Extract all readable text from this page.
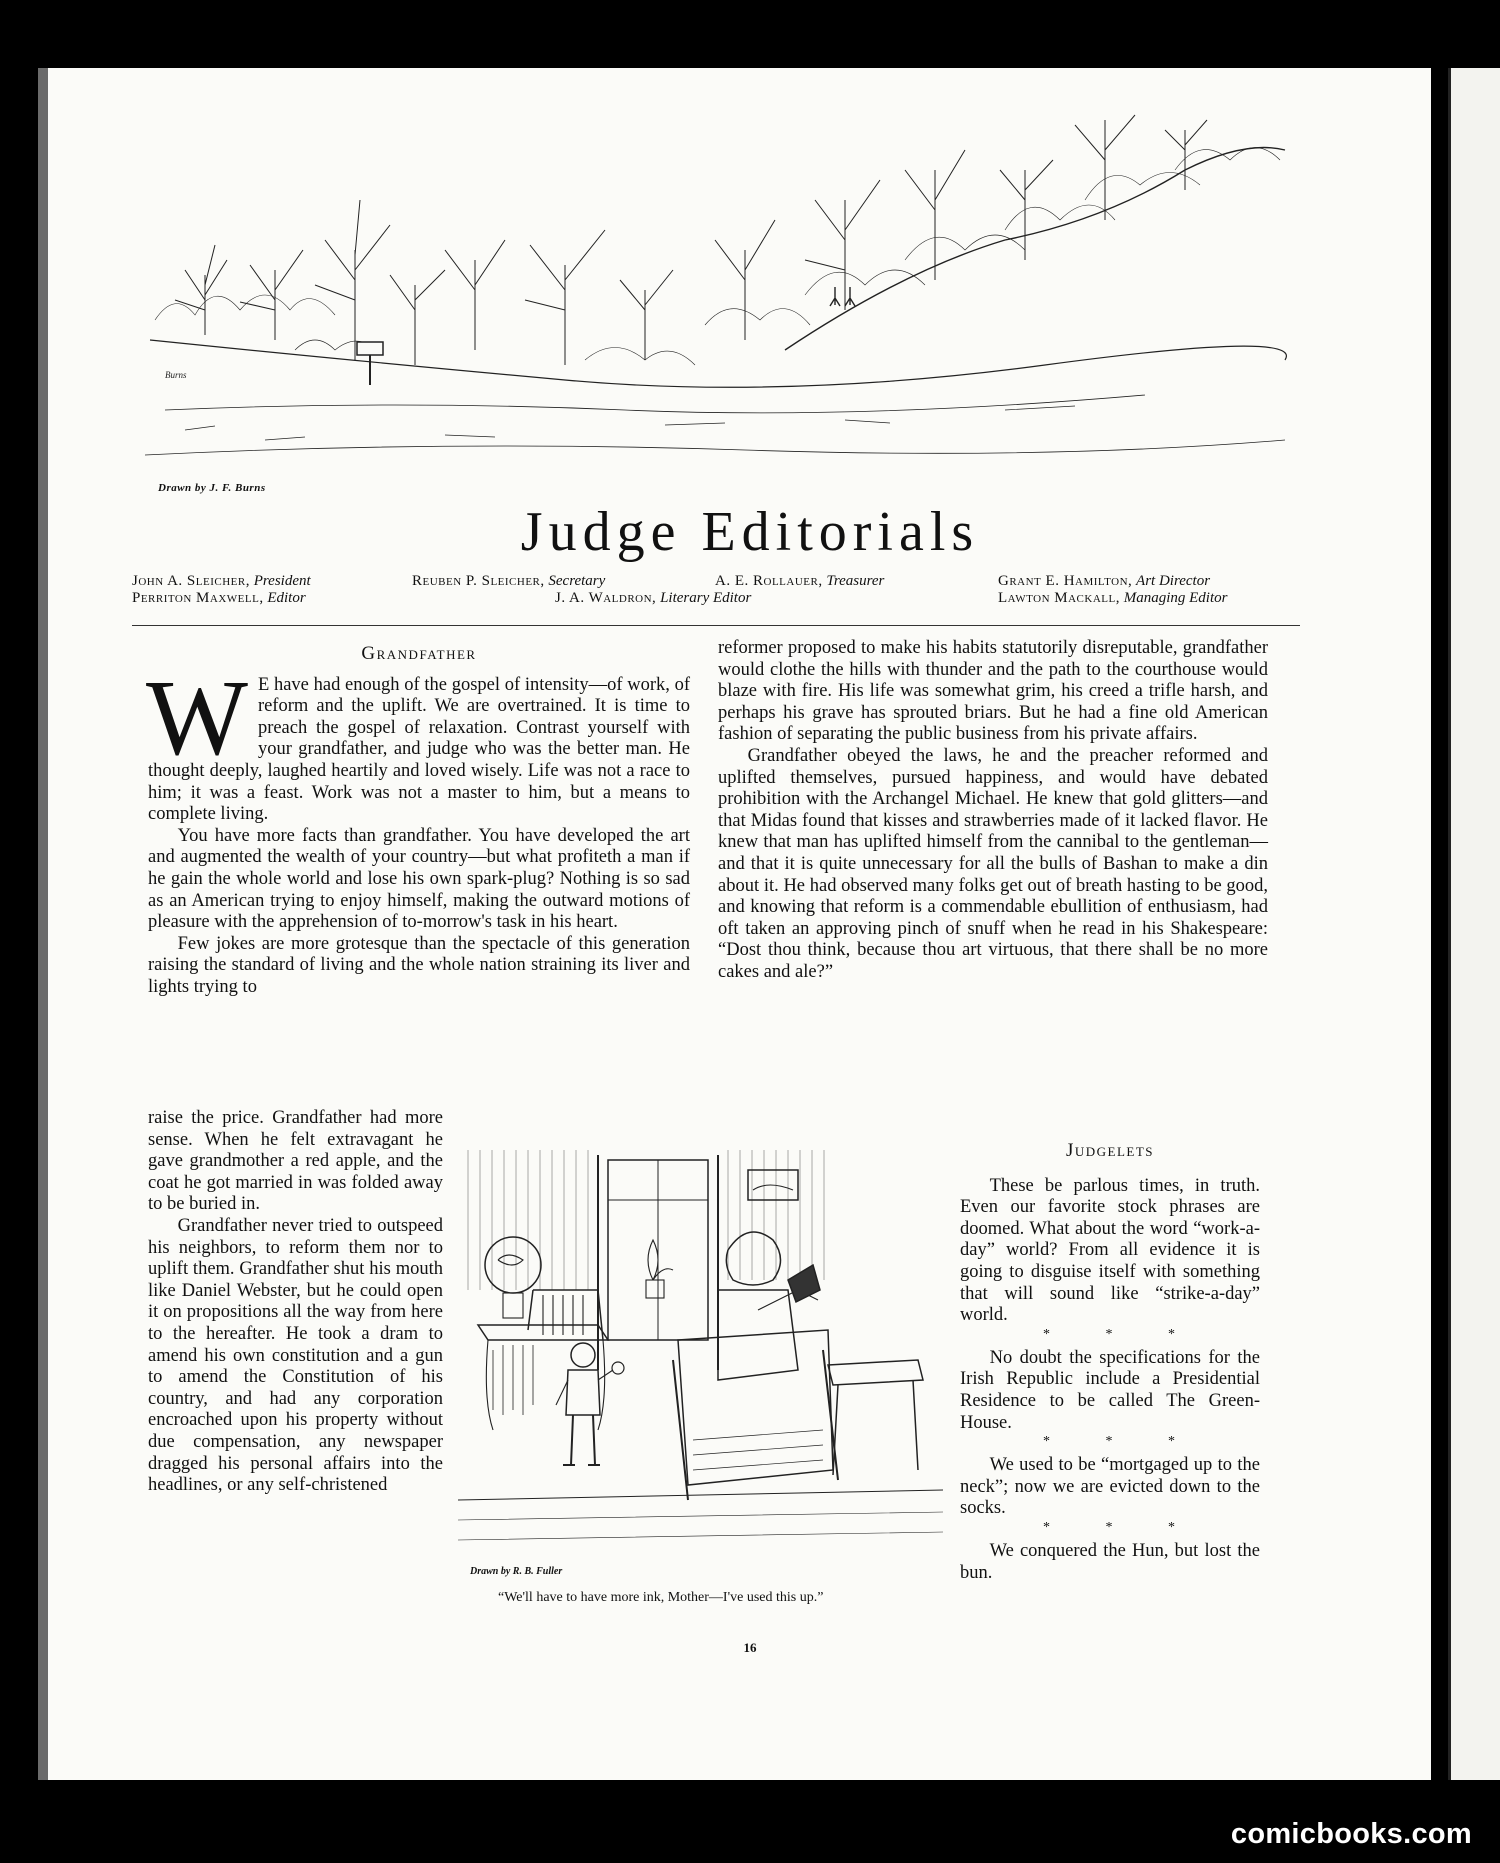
Burns
Drawn by J. F. Burns
Judge Editorials
John A. Sleicher, President
Perriton Maxwell, Editor
Reuben P. Sleicher, Secretary	A. E. Rollauer, Treasurer
J. A. Waldron, Literary Editor
Grant E. Hamilton, Art Director
Lawton Mackall, Managing Editor
Grandfather

W E have had enough of the gospel of intensity—of work, of reform and the uplift. We are overtrained. It is time to preach the gospel of relaxation. Contrast yourself with your grandfather, and judge who was the better man. He thought deeply, laughed heartily and loved wisely. Life was not a race to him; it was a feast. Work was not a master to him, but a means to complete living.

You have more facts than grandfather. You have developed the art and augmented the wealth of your country—but what profiteth a man if he gain the whole world and lose his own spark-plug? Nothing is so sad as an American trying to enjoy himself, making the outward motions of pleasure with the apprehension of to-morrow's task in his heart.

Few jokes are more grotesque than the spectacle of this generation raising the standard of living and the whole nation straining its liver and lights trying to

raise the price. Grandfather had more sense. When he felt extravagant he gave grandmother a red apple, and the coat he got married in was folded away to be buried in.

Grandfather never tried to outspeed his neighbors, to reform them nor to uplift them. Grandfather shut his mouth like Daniel Webster, but he could open it on propositions all the way from here to the hereafter. He took a dram to amend his own constitution and a gun to amend the Constitution of his country, and had any corporation encroached upon his property without due compensation, any newspaper dragged his personal affairs into the headlines, or any self-christened

reformer proposed to make his habits statutorily disreputable, grandfather would clothe the hills with thunder and the path to the courthouse would blaze with fire. His life was somewhat grim, his creed a trifle harsh, and perhaps his grave has sprouted briars. But he had a fine old American fashion of separating the public business from his private affairs.

Grandfather obeyed the laws, he and the preacher reformed and uplifted themselves, pursued happiness, and would have debated prohibition with the Archangel Michael. He knew that gold glitters—and that Midas found that kisses and strawberries made of it lacked flavor. He knew that man has uplifted himself from the cannibal to the gentleman—and that it is quite unnecessary for all the bulls of Bashan to make a din about it. He had observed many folks get out of breath hasting to be good, and knowing that reform is a commendable ebullition of enthusiasm, had oft taken an approving pinch of snuff when he read in his Shakespeare: “Dost thou think, because thou art virtuous, that there shall be no more cakes and ale?”

Drawn by R. B. Fuller
“We'll have to have more ink, Mother—I've used this up.”
Judgelets

These be parlous times, in truth. Even our favorite stock phrases are doomed. What about the word “work-a-day” world? From all evidence it is going to disguise itself with something that will sound like “strike-a-day” world.

* * *

No doubt the specifications for the Irish Republic include a Presidential Residence to be called The Green-House.

* * *

We used to be “mortgaged up to the neck”; now we are evicted down to the socks.

* * *

We conquered the Hun, but lost the bun.

16
comicbooks.com
